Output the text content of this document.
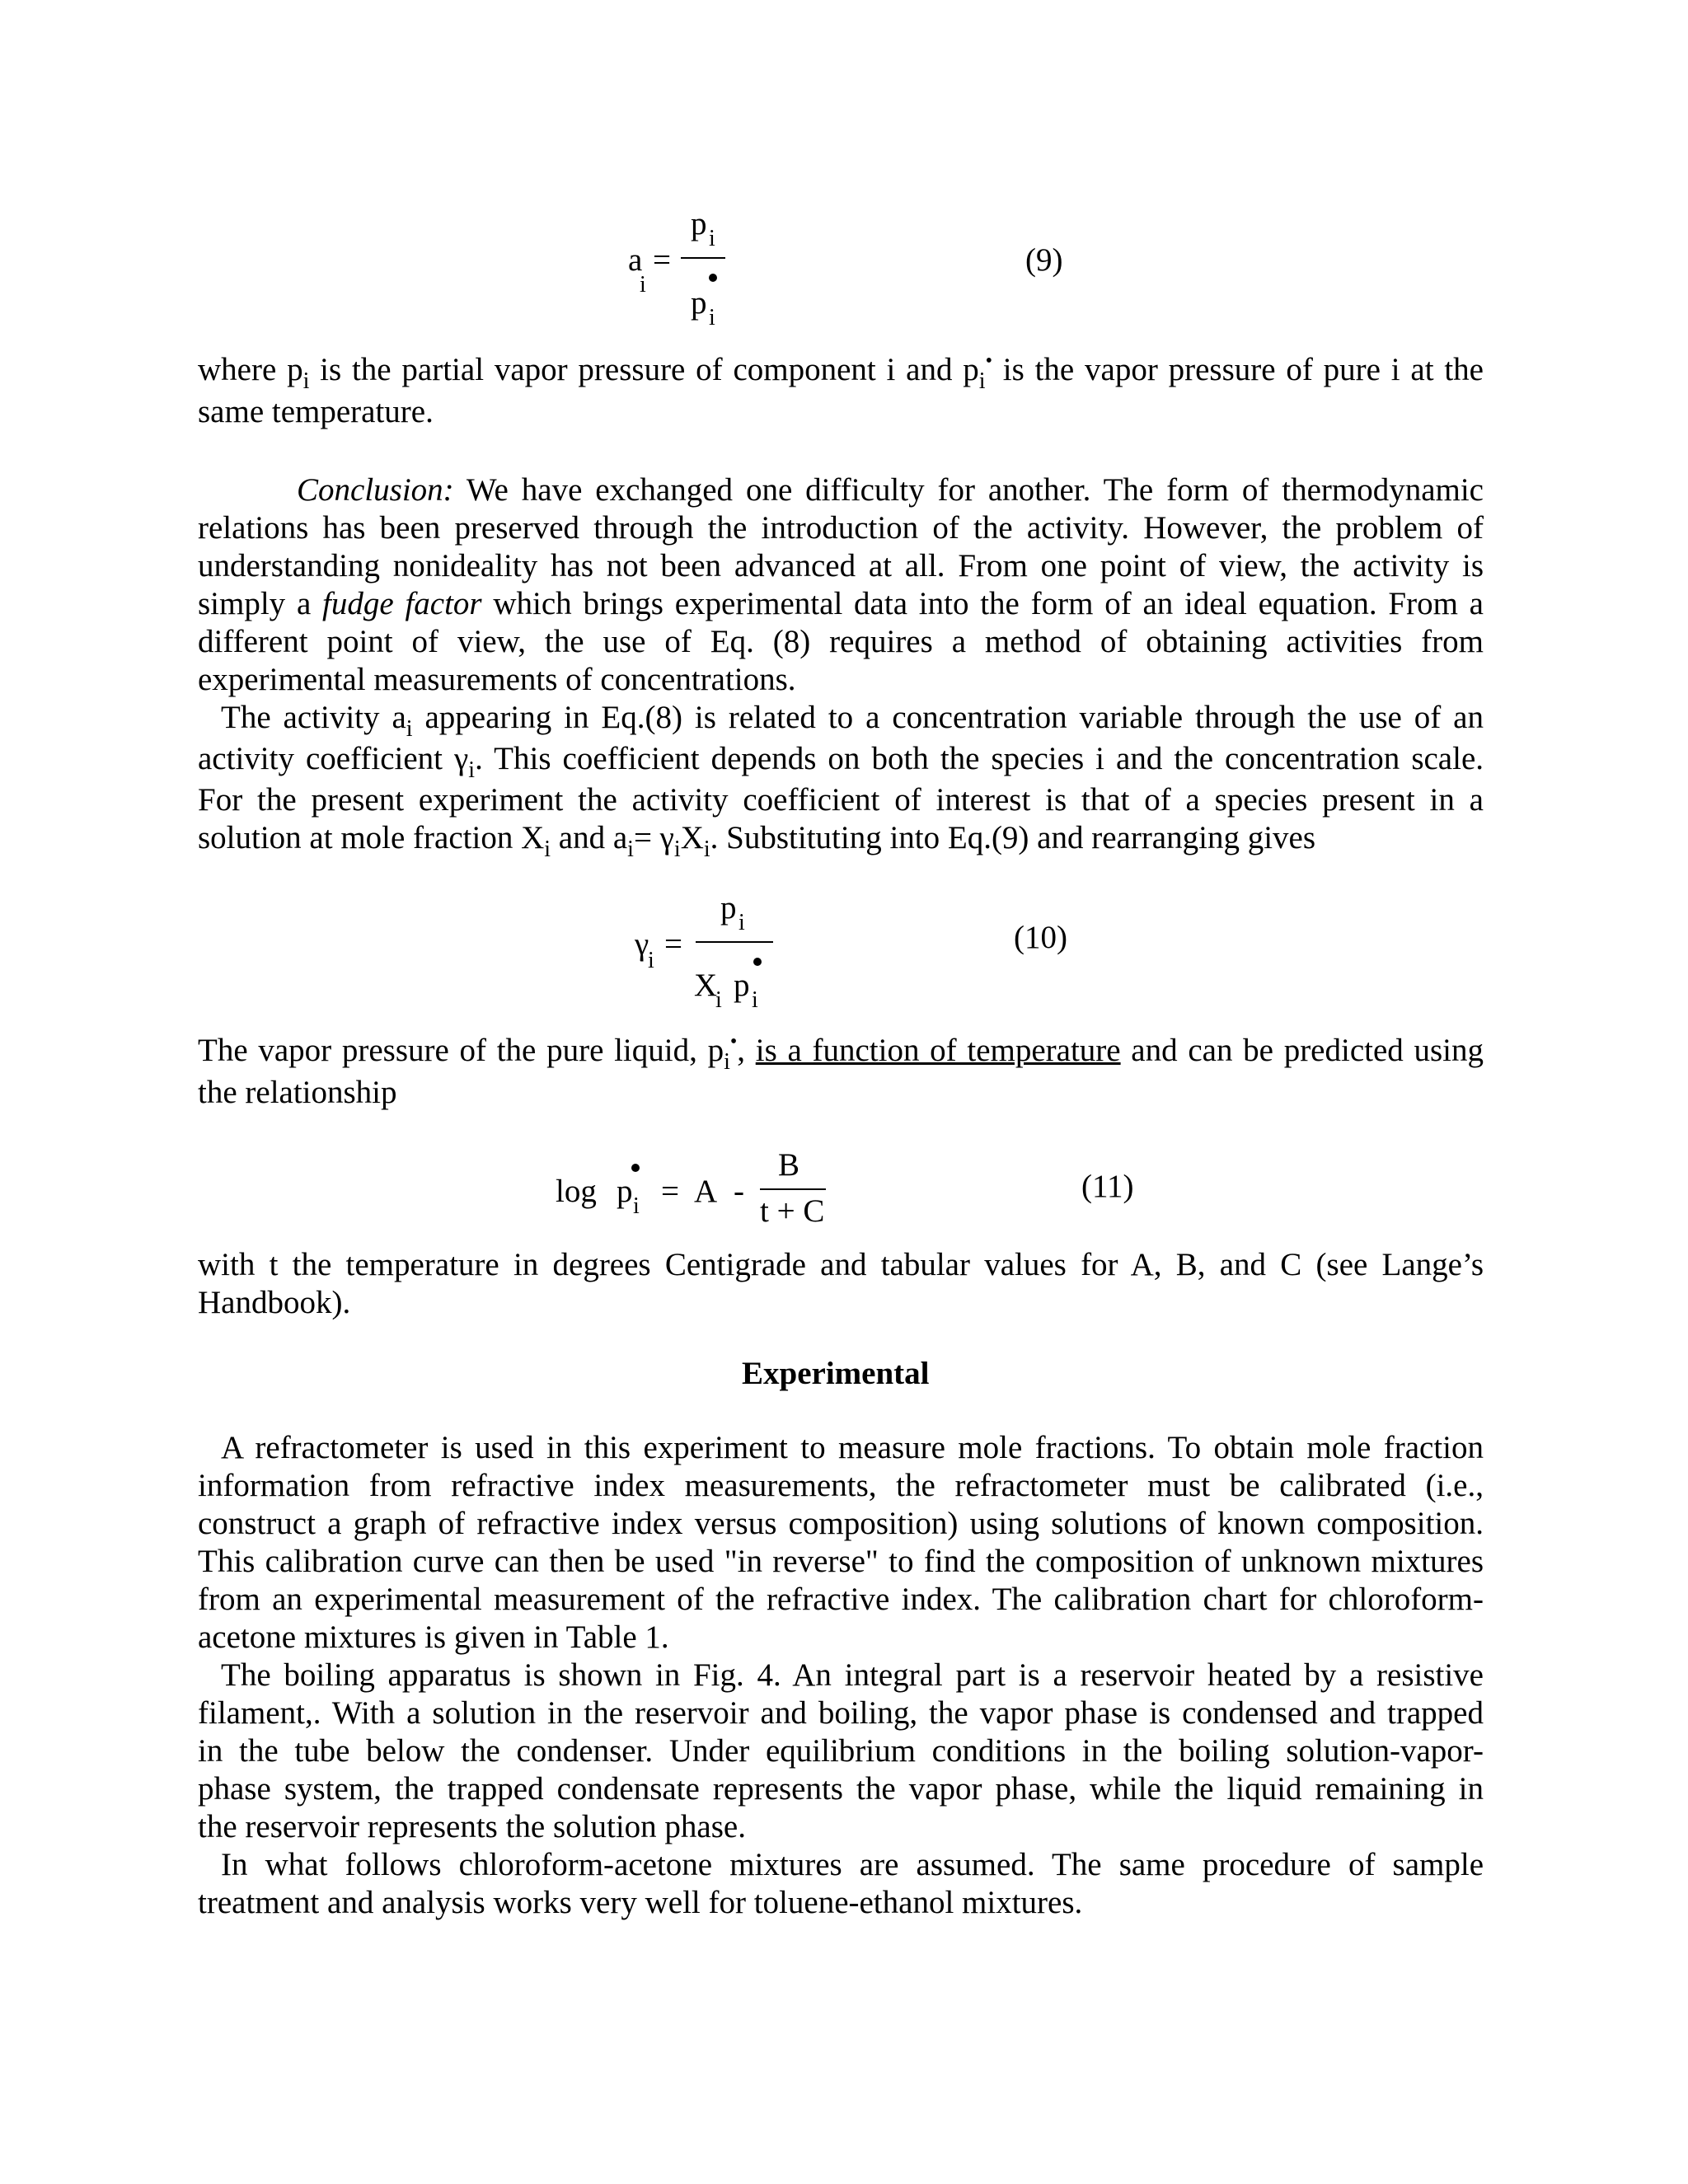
a
$_i$
=
p i
p i
(9)

where $p_i$ is the partial vapor pressure of component i and $p_i^•$ is the vapor pressure of pure i at the
same temperature.

Conclusion: We have exchanged one difficulty for another. The form of thermodynamic
relations has been preserved through the introduction of the activity. However, the problem of
understanding nonideality has not been advanced at all. From one point of view, the activity is
simply a fudge factor which brings experimental data into the form of an ideal equation. From a
different point of view, the use of Eq. (8) requires a method of obtaining activities from
experimental measurements of concentrations.

The activity $a_i$ appearing in Eq.(8) is related to a concentration variable through the use of an
activity coefficient $\gamma_i$. This coefficient depends on both the species i and the concentration scale.
For the present experiment the activity coefficient of interest is that of a species present in a
solution at mole fraction $X_i$ and $a_i= \gamma_iX_i$. Substituting into Eq.(9) and rearranging gives

γ
i =
p i
X
i p i
(10)

The vapor pressure of the pure liquid, $p_i^•$, is a function of temperature and can be predicted using
the relationship

log p i = A -
B
t + C
(11)

with t the temperature in degrees Centigrade and tabular values for A, B, and C (see Lange’s
Handbook).

Experimental

A refractometer is used in this experiment to measure mole fractions. To obtain mole fraction
information from refractive index measurements, the refractometer must be calibrated (i.e.,
construct a graph of refractive index versus composition) using solutions of known composition.
This calibration curve can then be used "in reverse" to find the composition of unknown mixtures
from an experimental measurement of the refractive index. The calibration chart for chloroform-
acetone mixtures is given in Table 1.

The boiling apparatus is shown in Fig. 4. An integral part is a reservoir heated by a resistive
filament,. With a solution in the reservoir and boiling, the vapor phase is condensed and trapped
in the tube below the condenser. Under equilibrium conditions in the boiling solution-vapor-
phase system, the trapped condensate represents the vapor phase, while the liquid remaining in
the reservoir represents the solution phase.

In what follows chloroform-acetone mixtures are assumed. The same procedure of sample
treatment and analysis works very well for toluene-ethanol mixtures.
